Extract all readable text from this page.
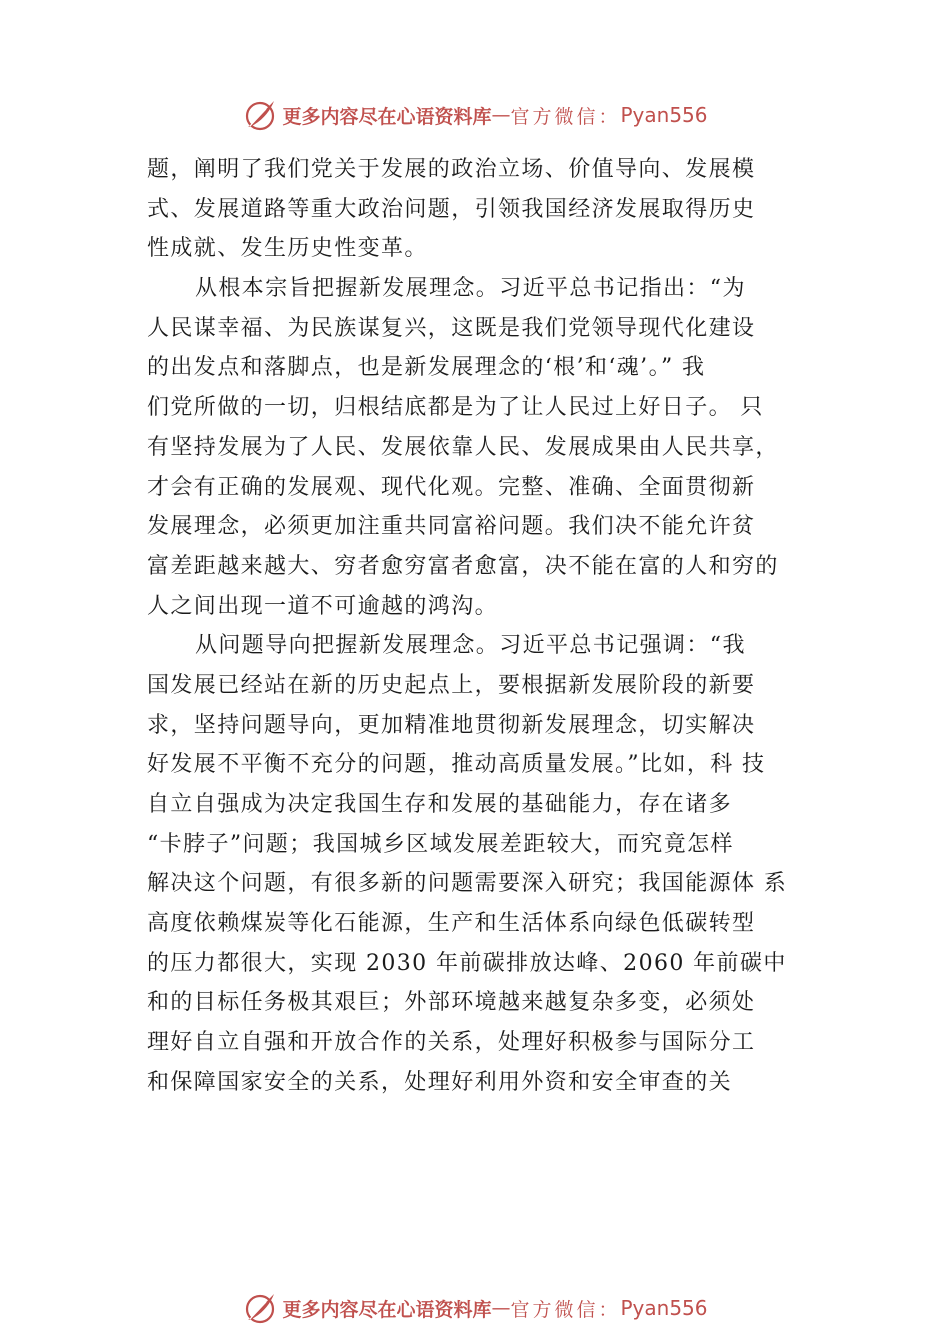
更多内容尽在心语资料库 — 官方微信： Pyan556
题，阐明了我们党关于发展的政治立场、价值导向、发展模
式、发展道路等重大政治问题，引领我国经济发展取得历史
性成就、发生历史性变革。
从根本宗旨把握新发展理念。习近平总书记指出：“为
人民谋幸福、为民族谋复兴，这既是我们党领导现代化建设
的出发点和落脚点，也是新发展理念的‘根’和‘魂’。” 我
们党所做的一切，归根结底都是为了让人民过上好日子。 只
有坚持发展为了人民、发展依靠人民、发展成果由人民共享，
才会有正确的发展观、现代化观。完整、准确、全面贯彻新
发展理念，必须更加注重共同富裕问题。我们决不能允许贫
富差距越来越大、穷者愈穷富者愈富，决不能在富的人和穷的
人之间出现一道不可逾越的鸿沟。
从问题导向把握新发展理念。习近平总书记强调：“我
国发展已经站在新的历史起点上，要根据新发展阶段的新要
求，坚持问题导向，更加精准地贯彻新发展理念，切实解决
好发展不平衡不充分的问题，推动高质量发展。”比如，科 技
自立自强成为决定我国生存和发展的基础能力，存在诸多
“卡脖子”问题；我国城乡区域发展差距较大，而究竟怎样
解决这个问题，有很多新的问题需要深入研究；我国能源体 系
高度依赖煤炭等化石能源，生产和生活体系向绿色低碳转型
的压力都很大，实现 2030 年前碳排放达峰、2060 年前碳中
和的目标任务极其艰巨；外部环境越来越复杂多变，必须处
理好自立自强和开放合作的关系，处理好积极参与国际分工
和保障国家安全的关系，处理好利用外资和安全审查的关
更多内容尽在心语资料库 — 官方微信： Pyan556
